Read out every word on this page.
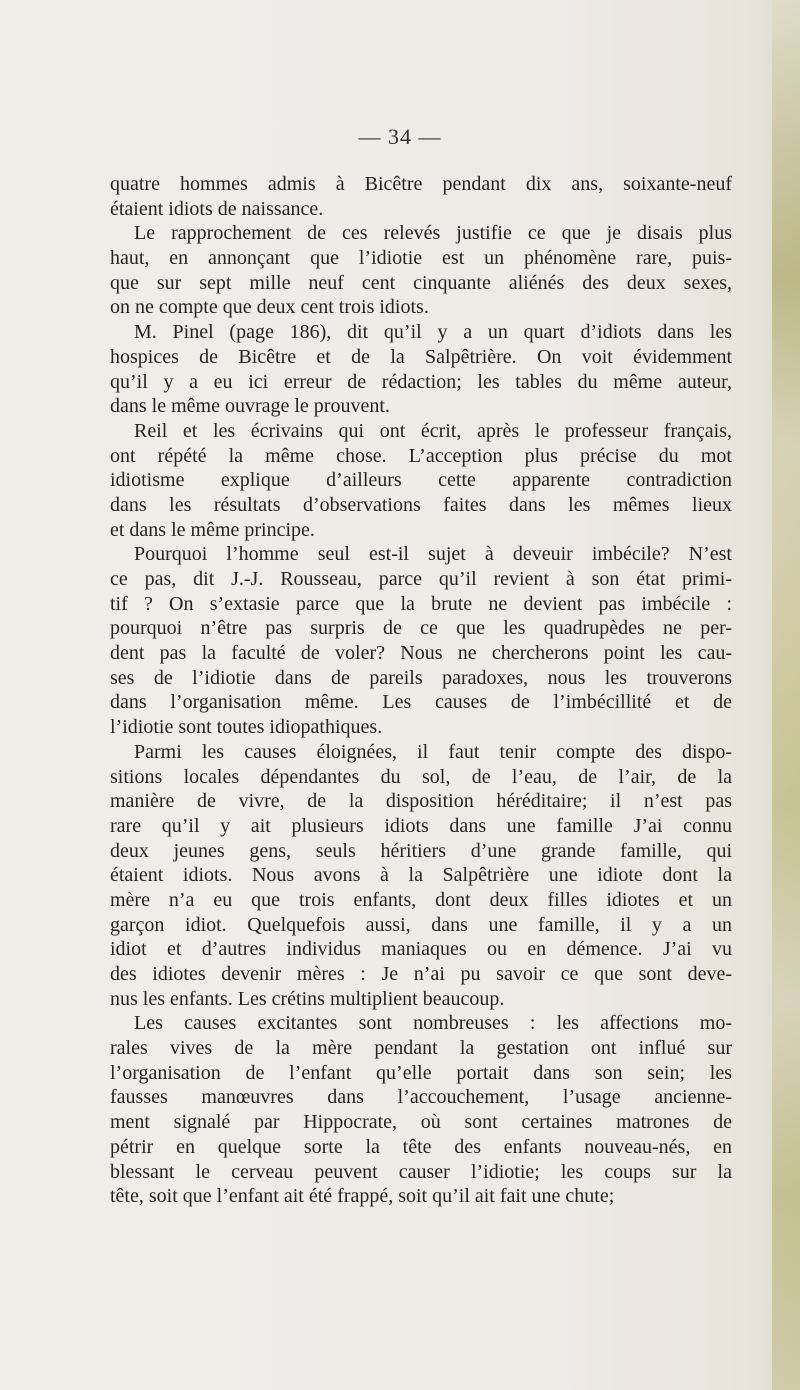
— 34 —
quatre hommes admis à Bicêtre pendant dix ans, soixante-neuf
étaient idiots de naissance.
Le rapprochement de ces relevés justifie ce que je disais plus
haut, en annonçant que l’idiotie est un phénomène rare, puis-
que sur sept mille neuf cent cinquante aliénés des deux sexes,
on ne compte que deux cent trois idiots.
M. Pinel (page 186), dit qu’il y a un quart d’idiots dans les
hospices de Bicêtre et de la Salpêtrière. On voit évidemment
qu’il y a eu ici erreur de rédaction; les tables du même auteur,
dans le même ouvrage le prouvent.
Reil et les écrivains qui ont écrit, après le professeur français,
ont répété la même chose. L’acception plus précise du mot
idiotisme explique d’ailleurs cette apparente contradiction
dans les résultats d’observations faites dans les mêmes lieux
et dans le même principe.
Pourquoi l’homme seul est-il sujet à deveuir imbécile? N’est
ce pas, dit J.-J. Rousseau, parce qu’il revient à son état primi-
tif ? On s’extasie parce que la brute ne devient pas imbécile :
pourquoi n’être pas surpris de ce que les quadrupèdes ne per-
dent pas la faculté de voler? Nous ne chercherons point les cau-
ses de l’idiotie dans de pareils paradoxes, nous les trouverons
dans l’organisation même. Les causes de l’imbécillité et de
l’idiotie sont toutes idiopathiques.
Parmi les causes éloignées, il faut tenir compte des dispo-
sitions locales dépendantes du sol, de l’eau, de l’air, de la
manière de vivre, de la disposition héréditaire; il n’est pas
rare qu’il y ait plusieurs idiots dans une famille J’ai connu
deux jeunes gens, seuls héritiers d’une grande famille, qui
étaient idiots. Nous avons à la Salpêtrière une idiote dont la
mère n’a eu que trois enfants, dont deux filles idiotes et un
garçon idiot. Quelquefois aussi, dans une famille, il y a un
idiot et d’autres individus maniaques ou en démence. J’ai vu
des idiotes devenir mères : Je n’ai pu savoir ce que sont deve-
nus les enfants. Les crétins multiplient beaucoup.
Les causes excitantes sont nombreuses : les affections mo-
rales vives de la mère pendant la gestation ont influé sur
l’organisation de l’enfant qu’elle portait dans son sein; les
fausses manœuvres dans l’accouchement, l’usage ancienne-
ment signalé par Hippocrate, où sont certaines matrones de
pétrir en quelque sorte la tête des enfants nouveau-nés, en
blessant le cerveau peuvent causer l’idiotie; les coups sur la
tête, soit que l’enfant ait été frappé, soit qu’il ait fait une chute;
